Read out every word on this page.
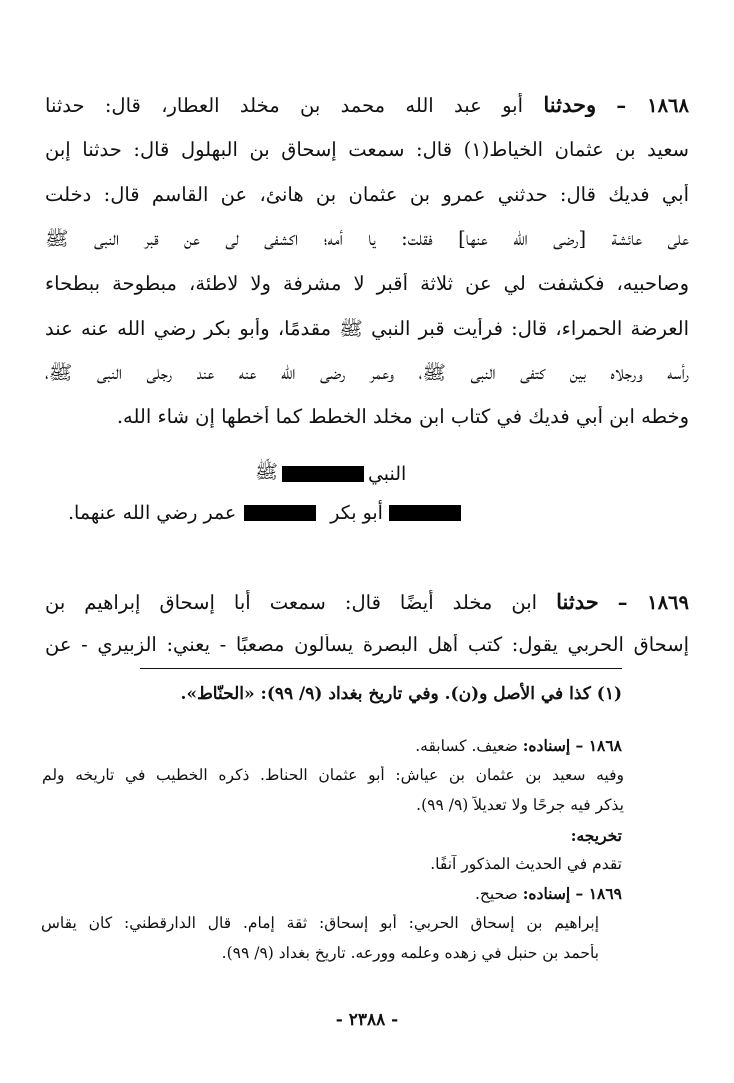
١٨٦٨ – وحدثنا أبو عبد الله محمد بن مخلد العطار، قال: حدثنا
سعيد بن عثمان الخياط(١) قال: سمعت إسحاق بن البهلول قال: حدثنا إبن
أبي فديك قال: حدثني عمرو بن عثمان بن هانئ، عن القاسم قال: دخلت
على عائشة [رضي الله عنها] فقلت: يا أمه؛ اكشفي لي عن قبر النبي ﷺ
وصاحبيه، فكشفت لي عن ثلاثة أقبر لا مشرفة ولا لاطئة، مبطوحة ببطحاء
العرضة الحمراء، قال: فرأيت قبر النبي ﷺ مقدمًا، وأبو بكر رضي الله عنه عند
رأسه ورجلاه بين كتفي النبي ﷺ، وعمر رضي الله عنه عند رجلي النبي ﷺ،
وخطه ابن أبي فديك في كتاب ابن مخلد الخطط كما أخطها إن شاء الله.
النبي
ﷺ
أبو بكر
عمر رضي الله عنهما.
١٨٦٩ – حدثنا ابن مخلد أيضًا قال: سمعت أبا إسحاق إبراهيم بن
إسحاق الحربي يقول: كتب أهل البصرة يسألون مصعبًا - يعني: الزبيري - عن
(١) كذا في الأصل و(ن). وفي تاريخ بغداد (٩/ ٩٩): «الحنّاط».
١٨٦٨ – إسناده: ضعيف. كسابقه.
وفيه سعيد بن عثمان بن عياش: أبو عثمان الحناط. ذكره الخطيب في تاريخه ولم
يذكر فيه جرحًا ولا تعديلاً (٩/ ٩٩).
تخريجه:
تقدم في الحديث المذكور آنفًا.
١٨٦٩ – إسناده: صحيح.
إبراهيم بن إسحاق الحربي: أبو إسحاق: ثقة إمام. قال الدارقطني: كان يقاس
بأحمد بن حنبل في زهده وعلمه وورعه. تاريخ بغداد (٩/ ٩٩).
- ٢٣٨٨ -
